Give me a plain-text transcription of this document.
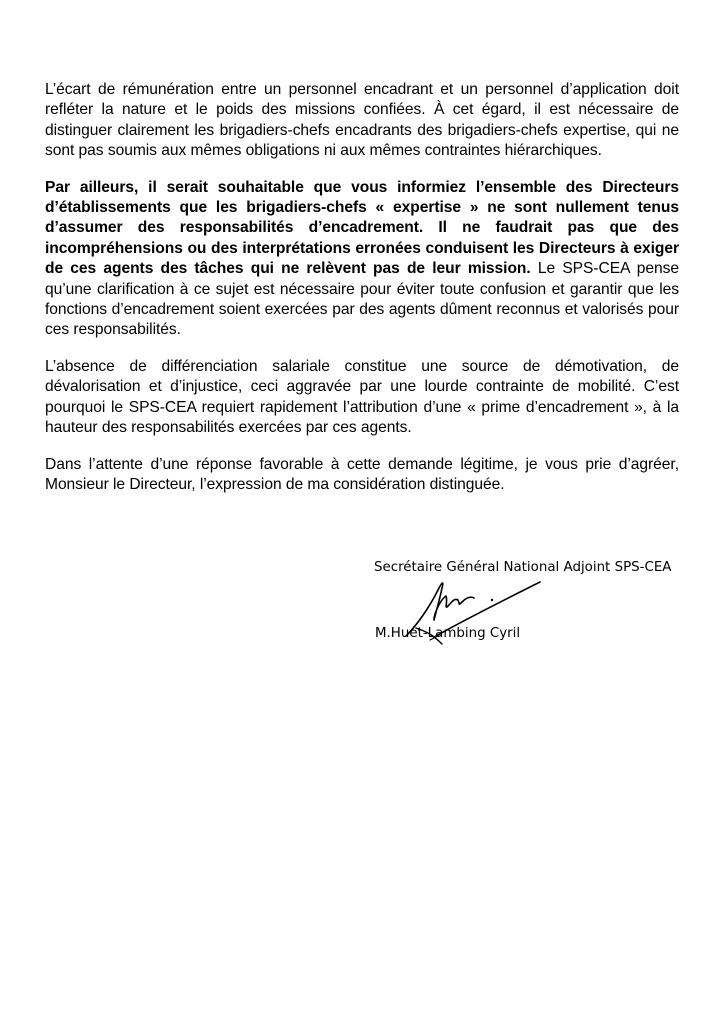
L’écart de rémunération entre un personnel encadrant et un personnel d’application doit refléter la nature et le poids des missions confiées. À cet égard, il est nécessaire de distinguer clairement les brigadiers-chefs encadrants des brigadiers-chefs expertise, qui ne sont pas soumis aux mêmes obligations ni aux mêmes contraintes hiérarchiques.

Par ailleurs, il serait souhaitable que vous informiez l’ensemble des Directeurs d’établissements que les brigadiers-chefs « expertise » ne sont nullement tenus d’assumer des responsabilités d’encadrement. Il ne faudrait pas que des incompréhensions ou des interprétations erronées conduisent les Directeurs à exiger de ces agents des tâches qui ne relèvent pas de leur mission. Le SPS-CEA pense qu’une clarification à ce sujet est nécessaire pour éviter toute confusion et garantir que les fonctions d’encadrement soient exercées par des agents dûment reconnus et valorisés pour ces responsabilités.

L’absence de différenciation salariale constitue une source de démotivation, de dévalorisation et d’injustice, ceci aggravée par une lourde contrainte de mobilité. C’est pourquoi le SPS-CEA requiert rapidement l’attribution d’une « prime d’encadrement », à la hauteur des responsabilités exercées par ces agents.

Dans l’attente d’une réponse favorable à cette demande légitime, je vous prie d’agréer, Monsieur le Directeur, l’expression de ma considération distinguée.

Secrétaire Général National Adjoint SPS-CEA
M.Huet-Lambing Cyril
